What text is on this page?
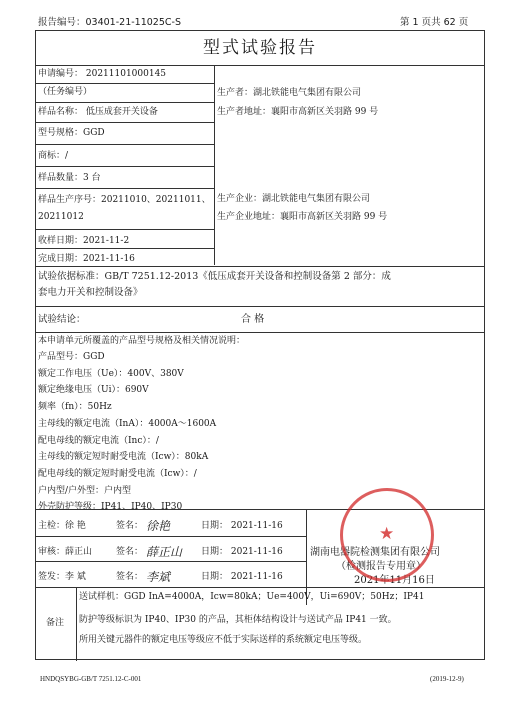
报告编号：03401-21-11025C-S	第 1 页共 62 页
型式试验报告
申请编号： 20211101000145
（任务编号）
样品名称： 低压成套开关设备
型号规格：GGD
商标：/
样品数量：3 台
样品生产序号：20211010、20211011、
20211012
收样日期：2021-11-2
完成日期：2021-11-16
生产者：湖北铁能电气集团有限公司
生产者地址：襄阳市高新区关羽路 99 号
生产企业：湖北铁能电气集团有限公司
生产企业地址：襄阳市高新区关羽路 99 号
试验依据标准：GB/T 7251.12-2013《低压成套开关设备和控制设备第 2 部分：成
套电力开关和控制设备》
试验结论：	合 格
本申请单元所覆盖的产品型号规格及相关情况说明：
产品型号：GGD
额定工作电压（Ue）：400V、380V
额定绝缘电压（Ui）：690V
频率（fn）：50Hz
主母线的额定电流（InA）：4000A～1600A
配电母线的额定电流（Inc）：/
主母线的额定短时耐受电流（Icw）：80kA
配电母线的额定短时耐受电流（Icw）：/
户内型/户外型：户内型
外壳防护等级：IP41、IP40、IP30
主检：徐 艳	签名： 徐艳	日期： 2021-11-16
审核：薛正山	签名： 薛正山 日期： 2021-11-16
签发：李 斌	签名： 李斌	日期： 2021-11-16
湖南电器院检测集团有限公司
（检测报告专用章）
2021年11月16日
备注
送试样机：GGD InA=4000A，Icw=80kA；Ue=400V，Ui=690V；50Hz；IP41
防护等级标识为 IP40、IP30 的产品，其柜体结构设计与送试产品 IP41 一致。
所用关键元器件的额定电压等级应不低于实际送样的系统额定电压等级。
★
HNDQSYBG-GB/T 7251.12-C-001	(2019-12-9)
